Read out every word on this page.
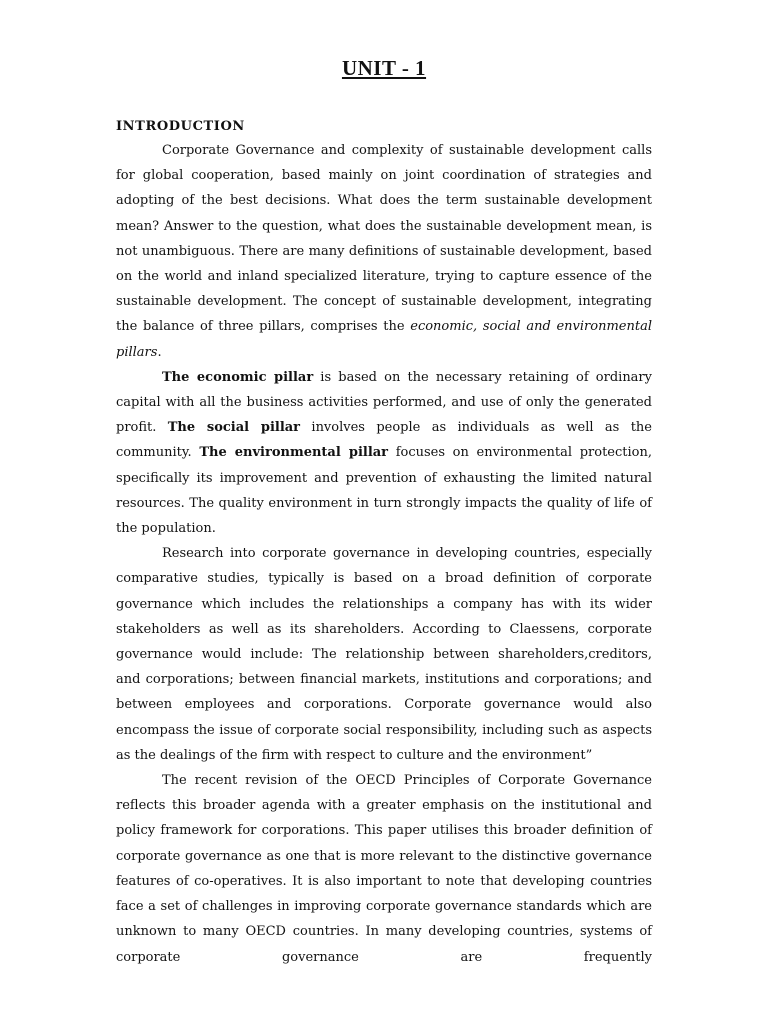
UNIT - 1
INTRODUCTION

Corporate Governance and complexity of sustainable development calls for global cooperation, based mainly on joint coordination of strategies and adopting of the best decisions. What does the term sustainable development mean? Answer to the question, what does the sustainable development mean, is not unambiguous. There are many definitions of sustainable development, based on the world and inland specialized literature, trying to capture essence of the sustainable development. The concept of sustainable development, integrating the balance of three pillars, comprises the economic, social and environmental pillars.

The economic pillar is based on the necessary retaining of ordinary capital with all the business activities performed, and use of only the generated profit. The social pillar involves people as individuals as well as the community. The environmental pillar focuses on environmental protection, specifically its improvement and prevention of exhausting the limited natural resources. The quality environment in turn strongly impacts the quality of life of the population.

Research into corporate governance in developing countries, especially comparative studies, typically is based on a broad definition of corporate governance which includes the relationships a company has with its wider stakeholders as well as its shareholders. According to Claessens, corporate governance would include: The relationship between shareholders,creditors, and corporations; between financial markets, institutions and corporations; and between employees and corporations. Corporate governance would also encompass the issue of corporate social responsibility, including such as aspects as the dealings of the firm with respect to culture and the environment”

The recent revision of the OECD Principles of Corporate Governance reflects this broader agenda with a greater emphasis on the institutional and policy framework for corporations. This paper utilises this broader definition of corporate governance as one that is more relevant to the distinctive governance features of co-operatives. It is also important to note that developing countries face a set of challenges in improving corporate governance standards which are unknown to many OECD countries. In many developing countries, systems of corporate governance are frequently
